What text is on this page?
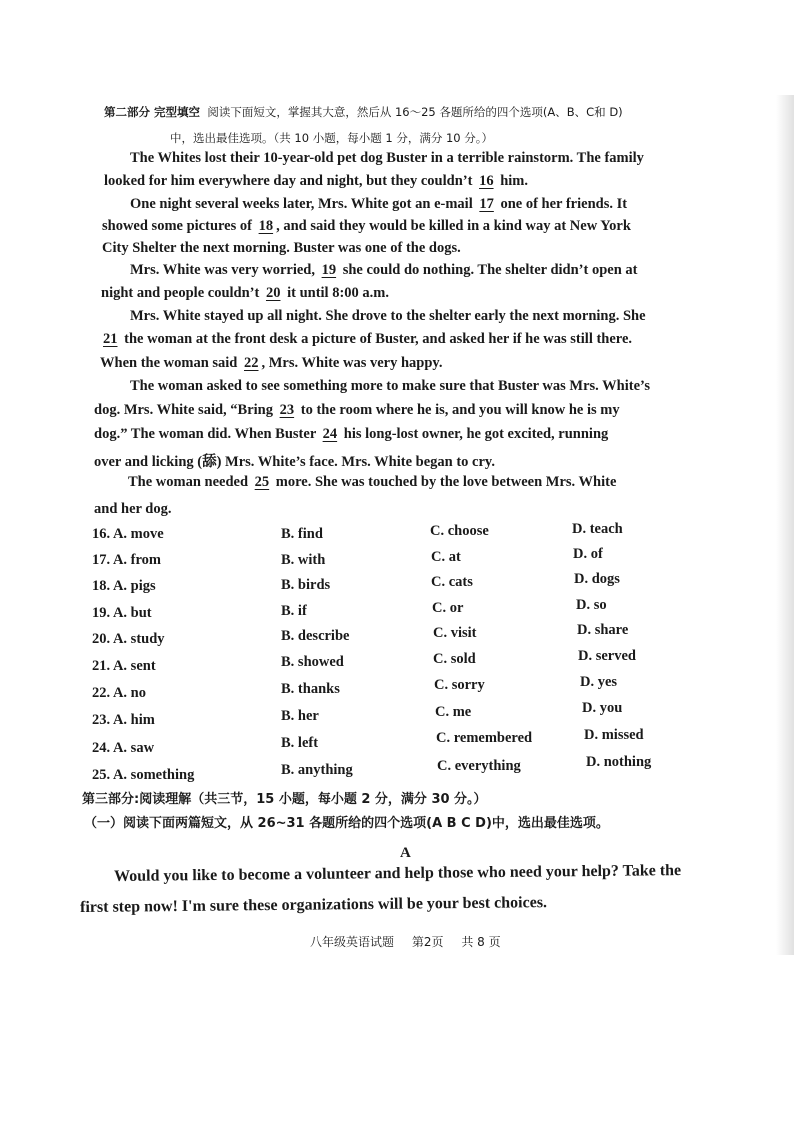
第二部分 完型填空 阅读下面短文，掌握其大意，然后从 16～25 各题所给的四个选项(A、B、C和 D)
中，选出最佳选项。（共 10 小题，每小题 1 分，满分 10 分。）
The Whites lost their 10-year-old pet dog Buster in a terrible rainstorm. The family
looked for him everywhere day and night, but they couldn’t 16 him.
One night several weeks later, Mrs. White got an e-mail 17 one of her friends. It
showed some pictures of 18 , and said they would be killed in a kind way at New York
City Shelter the next morning. Buster was one of the dogs.
Mrs. White was very worried, 19 she could do nothing. The shelter didn’t open at
night and people couldn’t 20 it until 8:00 a.m.
Mrs. White stayed up all night. She drove to the shelter early the next morning. She
21 the woman at the front desk a picture of Buster, and asked her if he was still there.
When the woman said 22 , Mrs. White was very happy.
The woman asked to see something more to make sure that Buster was Mrs. White’s
dog. Mrs. White said, “Bring 23 to the room where he is, and you will know he is my
dog.” The woman did. When Buster 24 his long-lost owner, he got excited, running
over and licking (舔) Mrs. White’s face. Mrs. White began to cry.
The woman needed 25 more. She was touched by the love between Mrs. White
and her dog.
16. A. move	B. find	C. choose	D. teach
17. A. from	B. with	C. at	D. of
18. A. pigs	B. birds	C. cats	D. dogs
19. A. but	B. if	C. or	D. so
20. A. study	B. describe	C. visit	D. share
21. A. sent	B. showed	C. sold	D. served
22. A. no	B. thanks	C. sorry	D. yes
23. A. him	B. her	C. me	D. you
24. A. saw	B. left	C. remembered	D. missed
25. A. something	B. anything	C. everything	D. nothing
第三部分:阅读理解（共三节，15 小题，每小题 2 分，满分 30 分。）
（一）阅读下面两篇短文，从 26~31 各题所给的四个选项(A B C D)中，选出最佳选项。
A
Would you like to become a volunteer and help those who need your help? Take the
first step now! I'm sure these organizations will be your best choices.
八年级英语试题 第2页 共 8 页
